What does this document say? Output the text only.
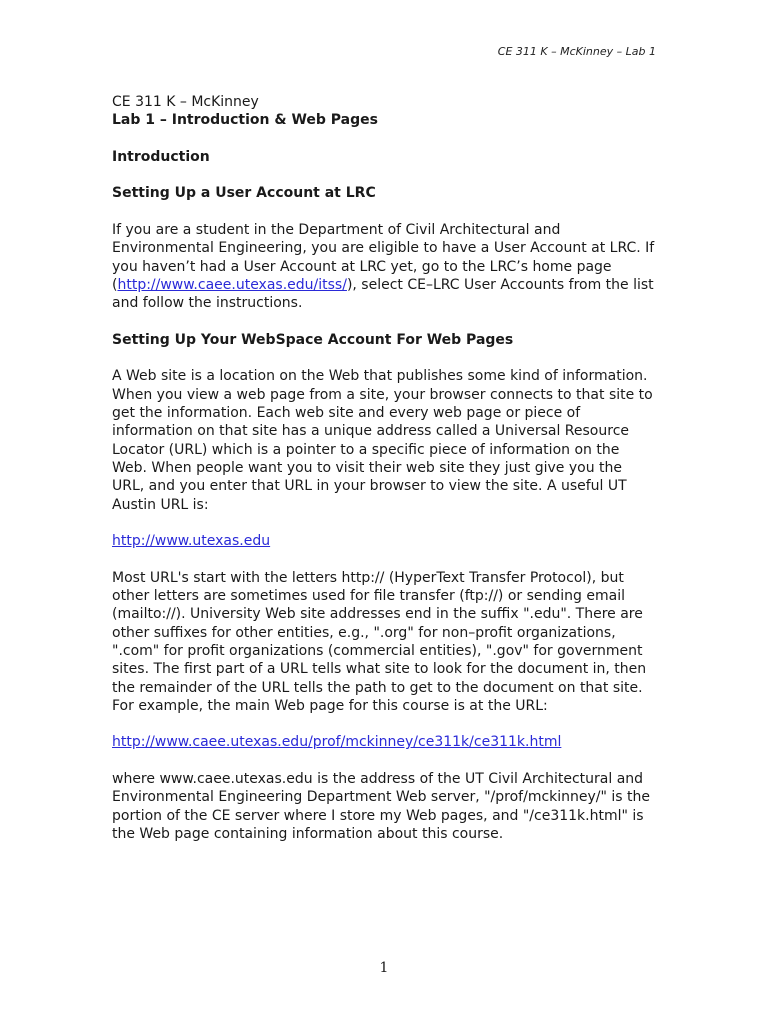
CE 311 K – McKinney – Lab 1
CE 311 K – McKinney
Lab 1 – Introduction & Web Pages
Introduction
Setting Up a User Account at LRC

If you are a student in the Department of Civil Architectural and Environmental Engineering, you are eligible to have a User Account at LRC. If you haven’t had a User Account at LRC yet, go to the LRC’s home page (http://www.caee.utexas.edu/itss/), select CE–LRC User Accounts from the list and follow the instructions.

Setting Up Your WebSpace Account For Web Pages

A Web site is a location on the Web that publishes some kind of information. When you view a web page from a site, your browser connects to that site to get the information. Each web site and every web page or piece of information on that site has a unique address called a Universal Resource Locator (URL) which is a pointer to a specific piece of information on the Web. When people want you to visit their web site they just give you the URL, and you enter that URL in your browser to view the site. A useful UT Austin URL is:

http://www.utexas.edu

Most URL's start with the letters http:// (HyperText Transfer Protocol), but other letters are sometimes used for file transfer (ftp://) or sending email (mailto://). University Web site addresses end in the suffix ".edu". There are other suffixes for other entities, e.g., ".org" for non–profit organizations, ".com" for profit organizations (commercial entities), ".gov" for government sites. The first part of a URL tells what site to look for the document in, then the remainder of the URL tells the path to get to the document on that site. For example, the main Web page for this course is at the URL:

http://www.caee.utexas.edu/prof/mckinney/ce311k/ce311k.html

where www.caee.utexas.edu is the address of the UT Civil Architectural and Environmental Engineering Department Web server, "/prof/mckinney/" is the portion of the CE server where I store my Web pages, and "/ce311k.html" is the Web page containing information about this course.

1
